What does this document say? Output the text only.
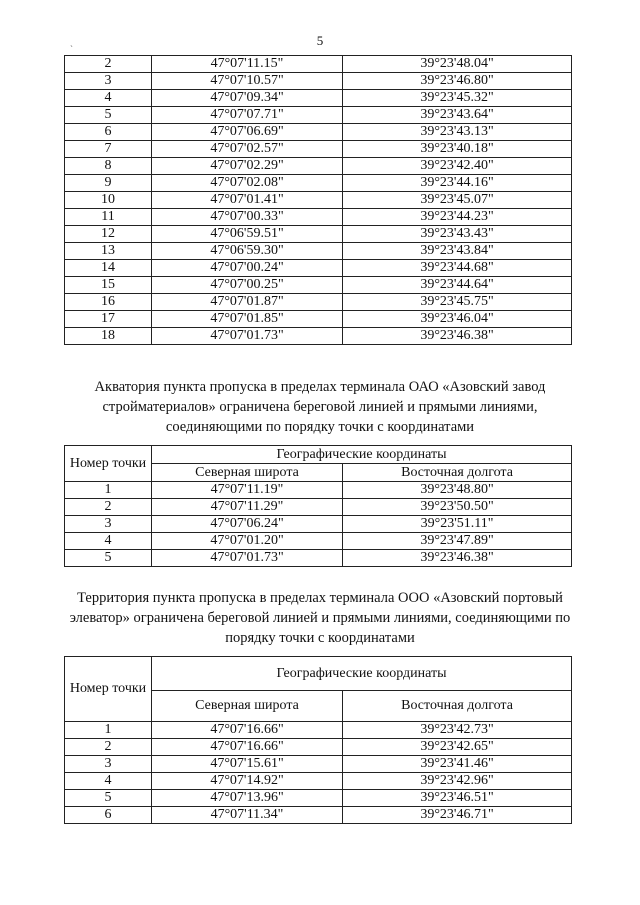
5
`
2	47°07'11.15"	39°23'48.04"
3	47°07'10.57"	39°23'46.80"
4	47°07'09.34"	39°23'45.32"
5	47°07'07.71"	39°23'43.64"
6	47°07'06.69"	39°23'43.13"
7	47°07'02.57"	39°23'40.18"
8	47°07'02.29"	39°23'42.40"
9	47°07'02.08"	39°23'44.16"
10	47°07'01.41"	39°23'45.07"
11	47°07'00.33"	39°23'44.23"
12	47°06'59.51"	39°23'43.43"
13	47°06'59.30"	39°23'43.84"
14	47°07'00.24"	39°23'44.68"
15	47°07'00.25"	39°23'44.64"
16	47°07'01.87"	39°23'45.75"
17	47°07'01.85"	39°23'46.04"
18	47°07'01.73"	39°23'46.38"
Акватория пункта пропуска в пределах терминала ОАО «Азовский завод стройматериалов» ограничена береговой линией и прямыми линиями, соединяющими по порядку точки с координатами
Номер точки	Географические координаты	
	Северная широта	Восточная долгота
1	47°07'11.19"	39°23'48.80"
2	47°07'11.29"	39°23'50.50"
3	47°07'06.24"	39°23'51.11"
4	47°07'01.20"	39°23'47.89"
5	47°07'01.73"	39°23'46.38"
Территория пункта пропуска в пределах терминала ООО «Азовский портовый элеватор» ограничена береговой линией и прямыми линиями, соединяющими по порядку точки с координатами
Номер точки	Географические координаты	
	Северная широта	Восточная долгота
1	47°07'16.66"	39°23'42.73"
2	47°07'16.66"	39°23'42.65"
3	47°07'15.61"	39°23'41.46"
4	47°07'14.92"	39°23'42.96"
5	47°07'13.96"	39°23'46.51"
6	47°07'11.34"	39°23'46.71"
